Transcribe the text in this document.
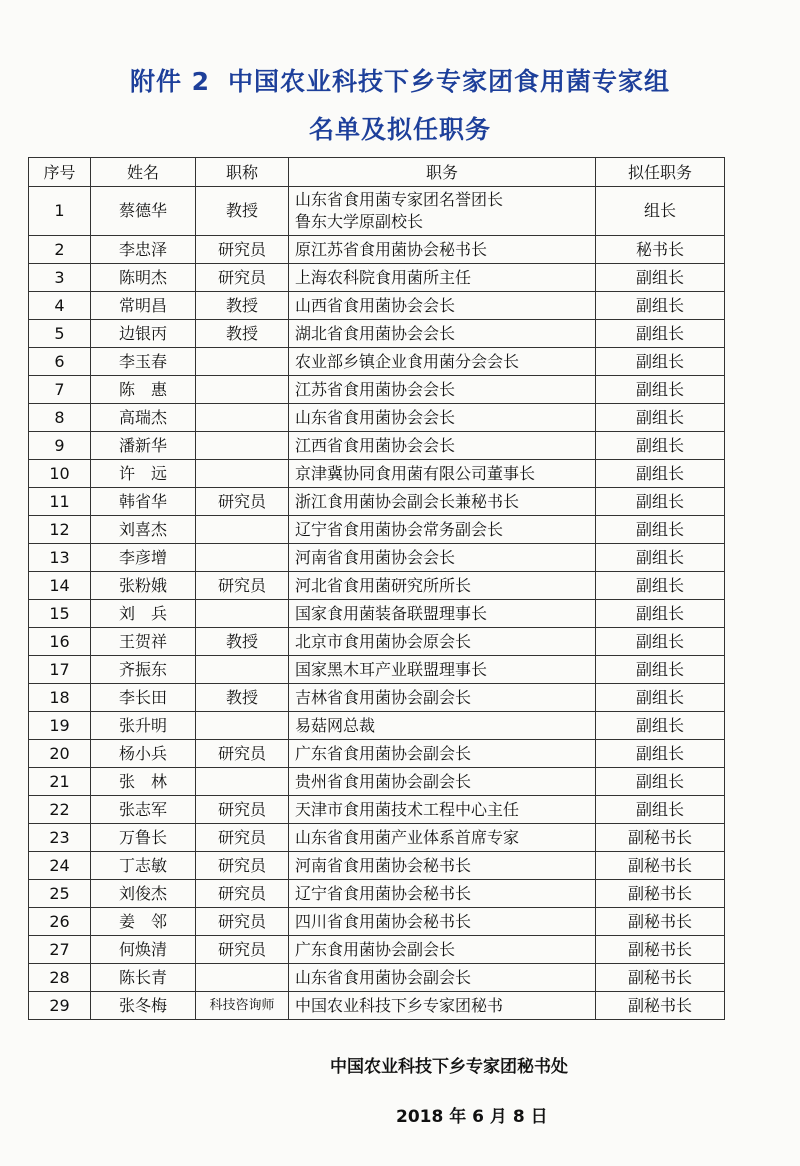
附件 2 中国农业科技下乡专家团食用菌专家组
名单及拟任职务
序号	姓名	职称	职务	拟任职务
1	蔡德华	教授	山东省食用菌专家团名誉团长
鲁东大学原副校长	组长
2	李忠泽	研究员	原江苏省食用菌协会秘书长	秘书长
3	陈明杰	研究员	上海农科院食用菌所主任	副组长
4	常明昌	教授	山西省食用菌协会会长	副组长
5	边银丙	教授	湖北省食用菌协会会长	副组长
6	李玉春		农业部乡镇企业食用菌分会会长	副组长
7	陈　惠		江苏省食用菌协会会长	副组长
8	高瑞杰		山东省食用菌协会会长	副组长
9	潘新华		江西省食用菌协会会长	副组长
10	许　远		京津冀协同食用菌有限公司董事长	副组长
11	韩省华	研究员	浙江食用菌协会副会长兼秘书长	副组长
12	刘喜杰		辽宁省食用菌协会常务副会长	副组长
13	李彦增		河南省食用菌协会会长	副组长
14	张粉娥	研究员	河北省食用菌研究所所长	副组长
15	刘　兵		国家食用菌装备联盟理事长	副组长
16	王贺祥	教授	北京市食用菌协会原会长	副组长
17	齐振东		国家黑木耳产业联盟理事长	副组长
18	李长田	教授	吉林省食用菌协会副会长	副组长
19	张升明		易菇网总裁	副组长
20	杨小兵	研究员	广东省食用菌协会副会长	副组长
21	张　林		贵州省食用菌协会副会长	副组长
22	张志军	研究员	天津市食用菌技术工程中心主任	副组长
23	万鲁长	研究员	山东省食用菌产业体系首席专家	副秘书长
24	丁志敏	研究员	河南省食用菌协会秘书长	副秘书长
25	刘俊杰	研究员	辽宁省食用菌协会秘书长	副秘书长
26	姜　邻	研究员	四川省食用菌协会秘书长	副秘书长
27	何焕清	研究员	广东食用菌协会副会长	副秘书长
28	陈长青		山东省食用菌协会副会长	副秘书长
29	张冬梅	科技咨询师	中国农业科技下乡专家团秘书	副秘书长
中国农业科技下乡专家团秘书处
2018 年 6 月 8 日
